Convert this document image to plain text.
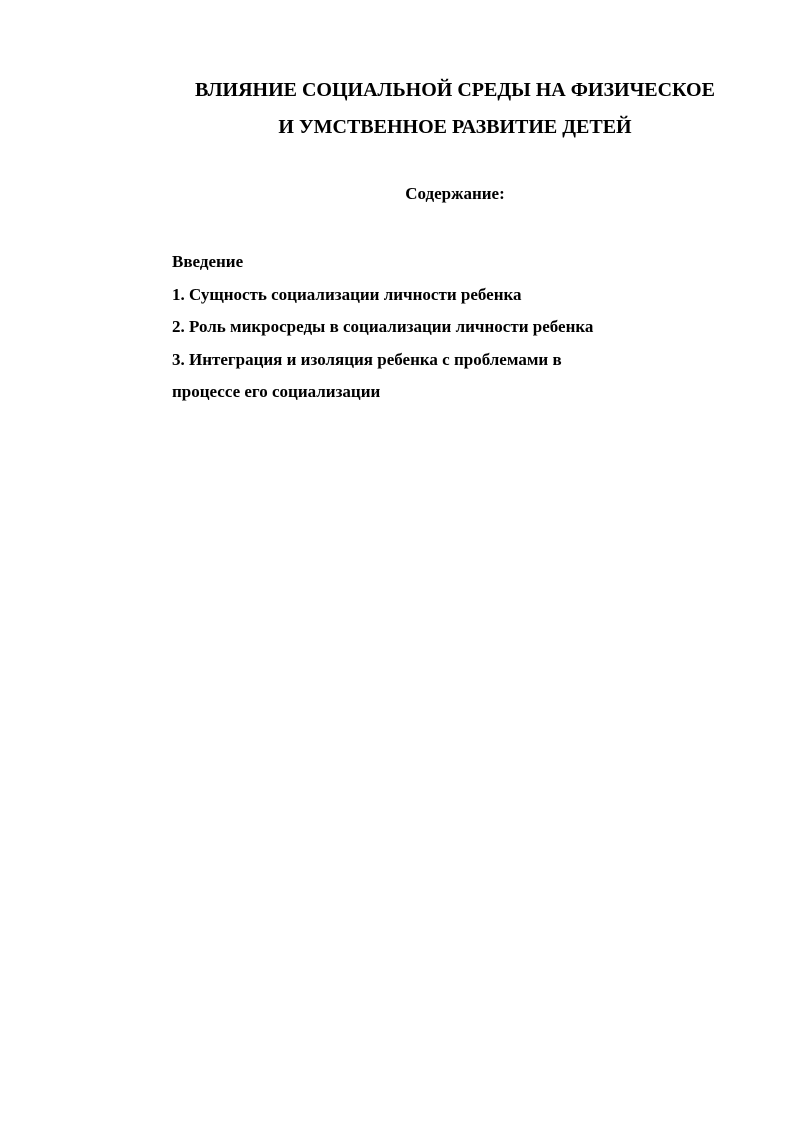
ВЛИЯНИЕ СОЦИАЛЬНОЙ СРЕДЫ НА ФИЗИЧЕСКОЕ
И УМСТВЕННОЕ РАЗВИТИЕ ДЕТЕЙ
Содержание:
Введение
1. Сущность социализации личности ребенка
2. Роль микросреды в социализации личности ребенка
3. Интеграция и изоляция ребенка с проблемами в
процессе его социализации
